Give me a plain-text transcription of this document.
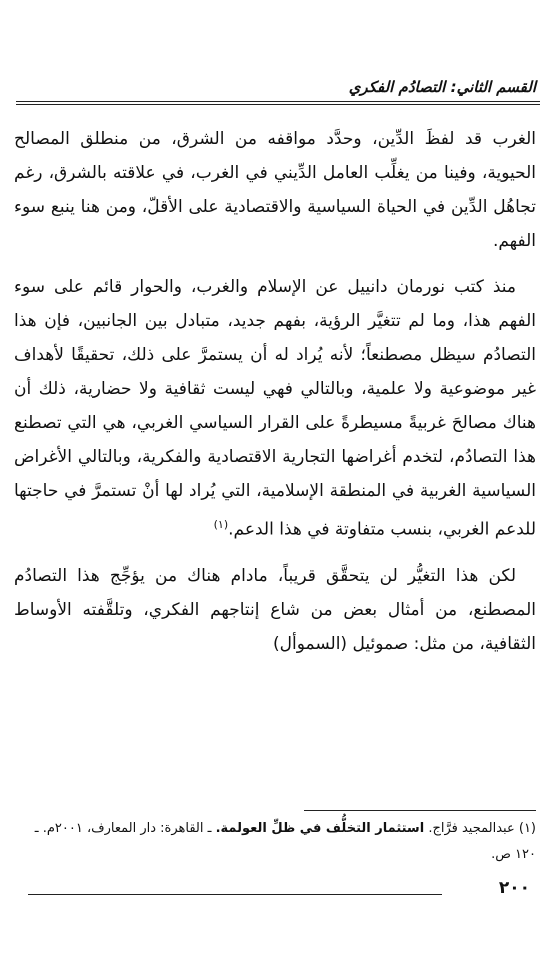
القسم الثاني: التصادُم الفكري

الغرب قد لفظَ الدِّين، وحدَّد مواقفه من الشرق، من منطلق المصالح الحيوية، وفينا من يغلِّب العامل الدِّيني في الغرب، في علاقته بالشرق، رغم تجاهُل الدِّين في الحياة السياسية والاقتصادية على الأقلّ، ومن هنا ينبع سوء الفهم.

منذ كتب نورمان دانييل عن الإسلام والغرب، والحوار قائم على سوء الفهم هذا، وما لم تتغيَّر الرؤية، بفهم جديد، متبادل بين الجانبين، فإن هذا التصادُم سيظل مصطنعاً؛ لأنه يُراد له أن يستمرَّ على ذلك، تحقيقًا لأهداف غير موضوعية ولا علمية، وبالتالي فهي ليست ثقافية ولا حضارية، ذلك أن هناك مصالحَ غربيةً مسيطرةً على القرار السياسي الغربي، هي التي تصطنع هذا التصادُم، لتخدم أغراضها التجارية الاقتصادية والفكرية، وبالتالي الأغراض السياسية الغربية في المنطقة الإسلامية، التي يُراد لها أنْ تستمرَّ في حاجتها للدعم الغربي، بنسب متفاوتة في هذا الدعم.$^{(١)}$

لكن هذا التغيُّر لن يتحقَّق قريباً، مادام هناك من يؤجِّج هذا التصادُم المصطنع، من أمثال بعض من شاع إنتاجهم الفكري، وتلقَّفته الأوساط الثقافية، من مثل: صموئيل (السموأل)

(١) عبدالمجيد فرَّاج. استثمار التخلُّف في ظلِّ العولمة. ـ القاهرة: دار المعارف، ٢٠٠١م. ـ ١٢٠ ص.
٢٠٠
